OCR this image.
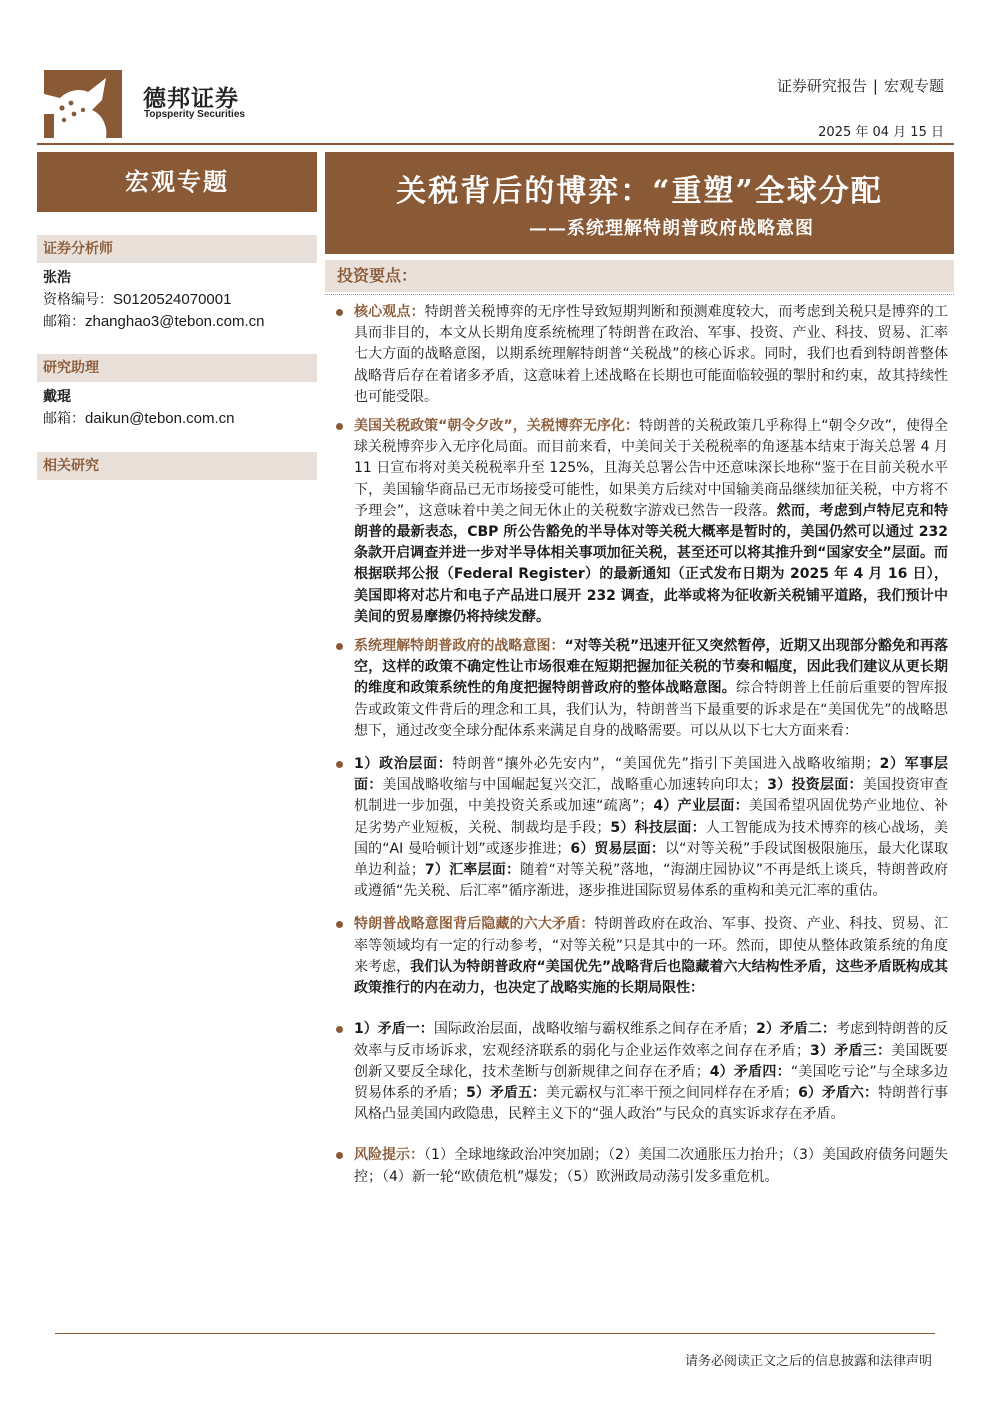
德邦证券
Topsperity Securities
证券研究报告 | 宏观专题
2025 年 04 月 15 日
宏观专题	关税背后的博弈：“重塑”全球分配
——系统理解特朗普政府战略意图
证券分析师
张浩
资格编号：S0120524070001
邮箱：zhanghao3@tebon.com.cn
研究助理
戴琨
邮箱：daikun@tebon.com.cn
相关研究
投资要点：
核心观点：特朗普关税博弈的无序性导致短期判断和预测难度较大，而考虑到关税只是博弈的工具而非目的，本文从长期角度系统梳理了特朗普在政治、军事、投资、产业、科技、贸易、汇率七大方面的战略意图，以期系统理解特朗普“关税战”的核心诉求。同时，我们也看到特朗普整体战略背后存在着诸多矛盾，这意味着上述战略在长期也可能面临较强的掣肘和约束，故其持续性也可能受限。
美国关税政策“朝令夕改”，关税博弈无序化：特朗普的关税政策几乎称得上“朝令夕改”，使得全球关税博弈步入无序化局面。而目前来看，中美间关于关税税率的角逐基本结束于海关总署 4 月 11 日宣布将对美关税税率升至 125%，且海关总署公告中还意味深长地称“鉴于在目前关税水平下，美国输华商品已无市场接受可能性，如果美方后续对中国输美商品继续加征关税，中方将不予理会”，这意味着中美之间无休止的关税数字游戏已然告一段落。然而，考虑到卢特尼克和特朗普的最新表态，CBP 所公告豁免的半导体对等关税大概率是暂时的，美国仍然可以通过 232 条款开启调查并进一步对半导体相关事项加征关税，甚至还可以将其推升到“国家安全”层面。而根据联邦公报（Federal Register）的最新通知（正式发布日期为 2025 年 4 月 16 日），美国即将对芯片和电子产品进口展开 232 调查，此举或将为征收新关税铺平道路，我们预计中美间的贸易摩擦仍将持续发酵。
系统理解特朗普政府的战略意图：“对等关税”迅速开征又突然暂停，近期又出现部分豁免和再落空，这样的政策不确定性让市场很难在短期把握加征关税的节奏和幅度，因此我们建议从更长期的维度和政策系统性的角度把握特朗普政府的整体战略意图。综合特朗普上任前后重要的智库报告或政策文件背后的理念和工具，我们认为，特朗普当下最重要的诉求是在“美国优先”的战略思想下，通过改变全球分配体系来满足自身的战略需要。可以从以下七大方面来看：
1）政治层面：特朗普“攘外必先安内”，“美国优先”指引下美国进入战略收缩期；2）军事层面：美国战略收缩与中国崛起复兴交汇，战略重心加速转向印太；3）投资层面：美国投资审查机制进一步加强，中美投资关系或加速“疏离”；4）产业层面：美国希望巩固优势产业地位、补足劣势产业短板，关税、制裁均是手段；5）科技层面：人工智能成为技术博弈的核心战场，美国的“AI 曼哈顿计划”或逐步推进；6）贸易层面：以“对等关税”手段试图极限施压，最大化谋取单边利益；7）汇率层面：随着“对等关税”落地，“海湖庄园协议”不再是纸上谈兵，特朗普政府或遵循“先关税、后汇率”循序渐进，逐步推进国际贸易体系的重构和美元汇率的重估。
特朗普战略意图背后隐藏的六大矛盾：特朗普政府在政治、军事、投资、产业、科技、贸易、汇率等领域均有一定的行动参考，“对等关税”只是其中的一环。然而，即使从整体政策系统的角度来考虑，我们认为特朗普政府“美国优先”战略背后也隐藏着六大结构性矛盾，这些矛盾既构成其政策推行的内在动力，也决定了战略实施的长期局限性：
1）矛盾一：国际政治层面，战略收缩与霸权维系之间存在矛盾；2）矛盾二：考虑到特朗普的反效率与反市场诉求，宏观经济联系的弱化与企业运作效率之间存在矛盾；3）矛盾三：美国既要创新又要反全球化，技术垄断与创新规律之间存在矛盾；4）矛盾四：“美国吃亏论”与全球多边贸易体系的矛盾；5）矛盾五：美元霸权与汇率干预之间同样存在矛盾；6）矛盾六：特朗普行事风格凸显美国内政隐患，民粹主义下的“强人政治”与民众的真实诉求存在矛盾。
风险提示：（1）全球地缘政治冲突加剧；（2）美国二次通胀压力抬升；（3）美国政府债务问题失控；（4）新一轮“欧债危机”爆发；（5）欧洲政局动荡引发多重危机。
请务必阅读正文之后的信息披露和法律声明
